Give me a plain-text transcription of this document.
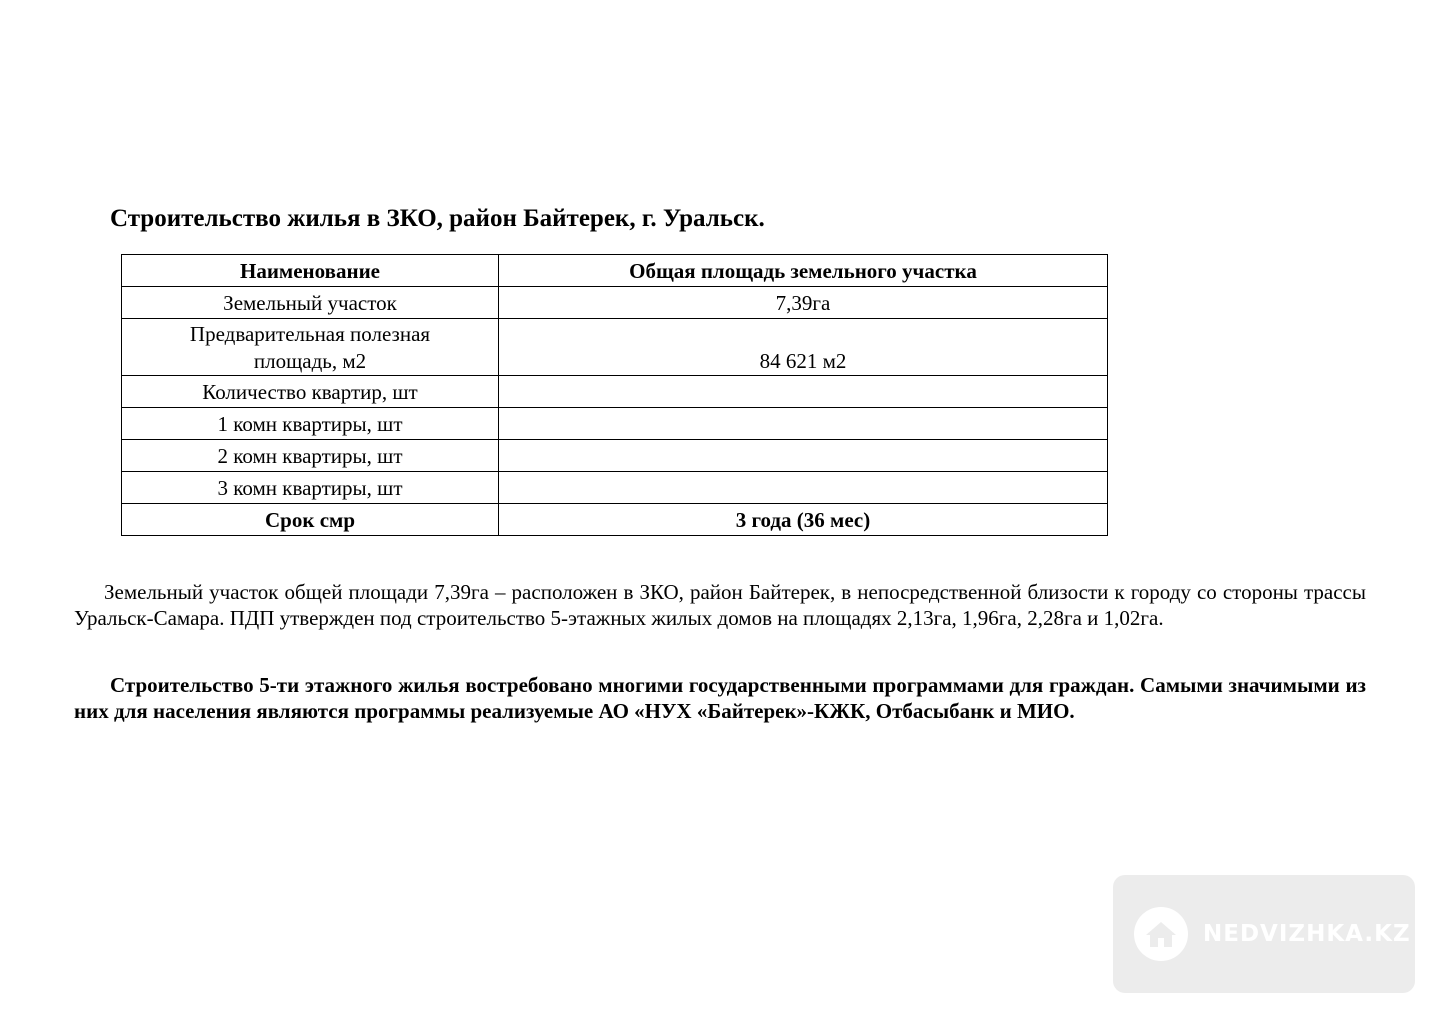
Строительство жилья в ЗКО, район Байтерек, г. Уральск.
Наименование	Общая площадь земельного участка
Земельный участок	7,39га
Предварительная полезная
площадь, м2	84 621 м2
Количество квартир, шт	
1 комн квартиры, шт	
2 комн квартиры, шт	
3 комн квартиры, шт	
Срок смр	3 года (36 мес)

Земельный участок общей площади 7,39га – расположен в ЗКО, район Байтерек, в непосредственной близости к городу со стороны трассы Уральск-Самара. ПДП утвержден под строительство 5-этажных жилых домов на площадях 2,13га, 1,96га, 2,28га и 1,02га.

Строительство 5-ти этажного жилья востребовано многими государственными программами для граждан. Самыми значимыми из них для населения являются программы реализуемые АО «НУХ «Байтерек»-КЖК, Отбасыбанк и МИО.

NEDVIZHKA.KZ
